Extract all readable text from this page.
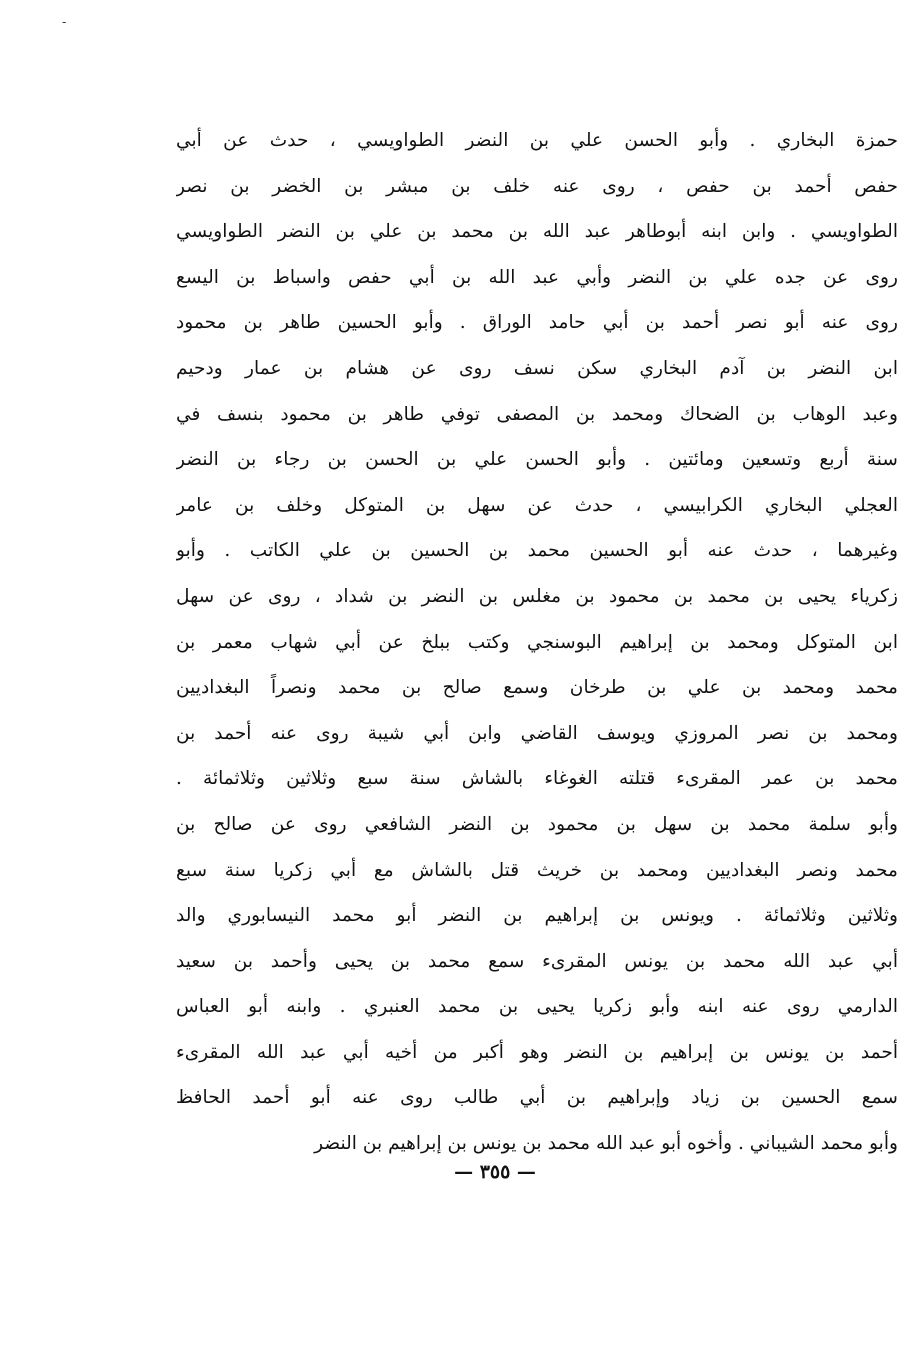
-
حمزة البخاري . وأبو الحسن علي بن النضر الطواويسي ، حدث عن أبي
حفص أحمد بن حفص ، روى عنه خلف بن مبشر بن الخضر بن نصر
الطواويسي . وابن ابنه أبوطاهر عبد الله بن محمد بن علي بن النضر الطواويسي
روى عن جده علي بن النضر وأبي عبد الله بن أبي حفص واسباط بن اليسع
روى عنه أبو نصر أحمد بن أبي حامد الوراق . وأبو الحسين طاهر بن محمود
ابن النضر بن آدم البخاري سكن نسف روى عن هشام بن عمار ودحيم
وعبد الوهاب بن الضحاك ومحمد بن المصفى توفي طاهر بن محمود بنسف في
سنة أربع وتسعين ومائتين . وأبو الحسن علي بن الحسن بن رجاء بن النضر
العجلي البخاري الكرابيسي ، حدث عن سهل بن المتوكل وخلف بن عامر
وغيرهما ، حدث عنه أبو الحسين محمد بن الحسين بن علي الكاتب . وأبو
زكرياء يحيى بن محمد بن محمود بن مغلس بن النضر بن شداد ، روى عن سهل
ابن المتوكل ومحمد بن إبراهيم البوسنجي وكتب ببلخ عن أبي شهاب معمر بن
محمد ومحمد بن علي بن طرخان وسمع صالح بن محمد ونصراً البغداديين
ومحمد بن نصر المروزي ويوسف القاضي وابن أبي شيبة روى عنه أحمد بن
محمد بن عمر المقرىء قتلته الغوغاء بالشاش سنة سبع وثلاثين وثلاثمائة .
وأبو سلمة محمد بن سهل بن محمود بن النضر الشافعي روى عن صالح بن
محمد ونصر البغداديين ومحمد بن خريث قتل بالشاش مع أبي زكريا سنة سبع
وثلاثين وثلاثمائة . ويونس بن إبراهيم بن النضر أبو محمد النيسابوري والد
أبي عبد الله محمد بن يونس المقرىء سمع محمد بن يحيى وأحمد بن سعيد
الدارمي روى عنه ابنه وأبو زكريا يحيى بن محمد العنبري . وابنه أبو العباس
أحمد بن يونس بن إبراهيم بن النضر وهو أكبر من أخيه أبي عبد الله المقرىء
سمع الحسين بن زياد وإبراهيم بن أبي طالب روى عنه أبو أحمد الحافظ
وأبو محمد الشيباني . وأخوه أبو عبد الله محمد بن يونس بن إبراهيم بن النضر
— ٣٥٥ —
